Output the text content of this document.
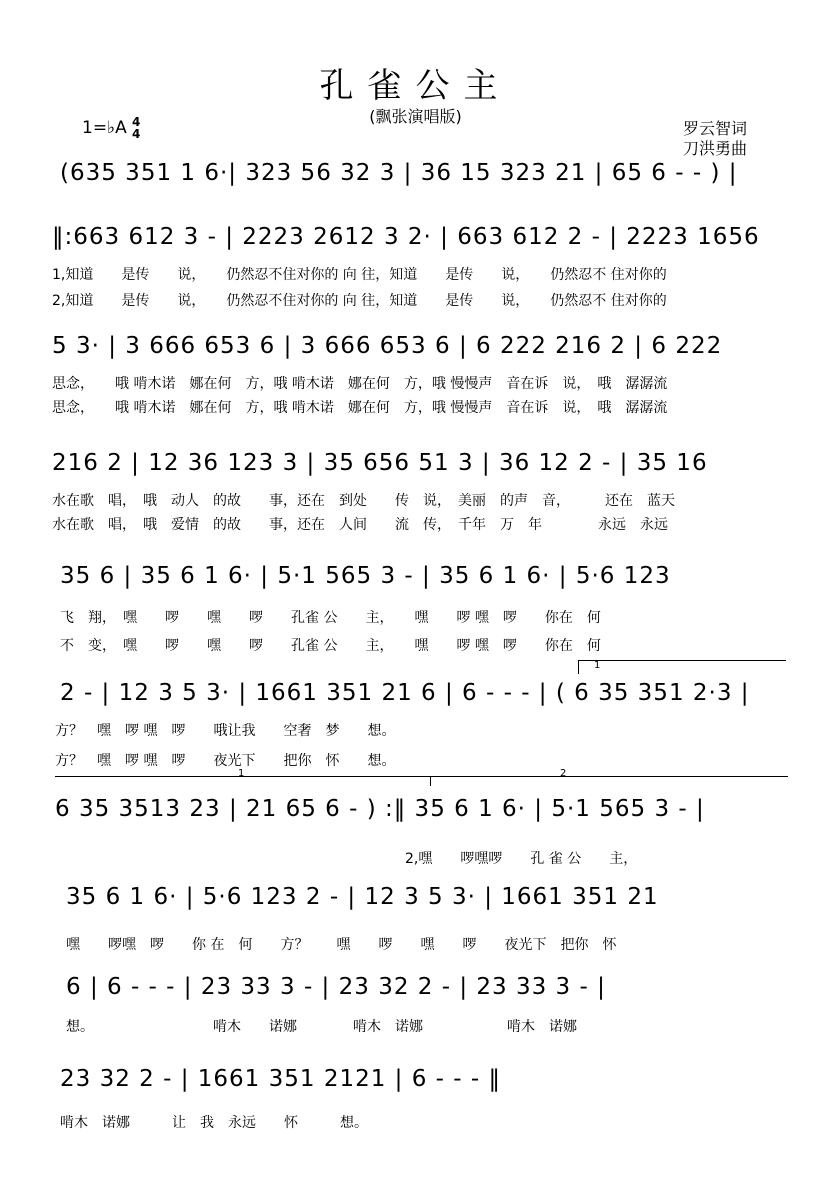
孔雀公主
(飘张演唱版)
1=♭A 4
4	罗云智词
刀洪勇曲
(635 351 1 6·| 323 56 32 3 | 36 15 323 21 | 65 6 - - ) |
‖:663 612 3 - | 2223 2612 3 2· | 663 612 2 - | 2223 1656
1,知道　　是传　　说，　　仍然忍不住对你的 向 往，知道　　是传　　说，　　仍然忍不 住对你的
2,知道　　是传　　说，　　仍然忍不住对你的 向 往，知道　　是传　　说，　　仍然忍不 住对你的
5 3· | 3 666 653 6 | 3 666 653 6 | 6 222 216 2 | 6 222
思念，　　哦 啃木诺　娜在何　方，哦 啃木诺　娜在何　方，哦 慢慢声　音在诉　说，　哦　潺潺流
思念，　　哦 啃木诺　娜在何　方，哦 啃木诺　娜在何　方，哦 慢慢声　音在诉　说，　哦　潺潺流
216 2 | 12 36 123 3 | 35 656 51 3 | 36 12 2 - | 35 16
水在歌　唱，　哦　动人　的故　　事，还在　到处　　传　说，　美丽　的声　音，　　　还在　蓝天
水在歌　唱，　哦　爱情　的故　　事，还在　人间　　流　传，　千年　万　年　　　　永远　永远
35 6 | 35 6 1 6· | 5·1 565 3 - | 35 6 1 6· | 5·6 123
飞　翔，　嘿　　啰　　嘿　　啰　　孔雀 公　　主，　　嘿　　啰 嘿　啰　　你在　何
不　变，　嘿　　啰　　嘿　　啰　　孔雀 公　　主，　　嘿　　啰 嘿　啰　　你在　何
1
2 - | 12 3 5 3· | 1661 351 21 6 | 6 - - - | ( 6 35 351 2·3 |
方？　嘿　啰 嘿　啰　　哦让我　　空奢　梦　　想。
方？　嘿　啰 嘿　啰　　夜光下　　把你　怀　　想。
1	2
6 35 3513 23 | 21 65 6 - ) :‖ 35 6 1 6· | 5·1 565 3 - |
　　　　　　　　　　　　　　　　　　　　　　　　　2,嘿　　啰嘿啰　　孔 雀 公　　主，
35 6 1 6· | 5·6 123 2 - | 12 3 5 3· | 1661 351 21
嘿　　啰嘿　啰　　你 在　何　　方？　　嘿　　啰　　嘿　　啰　　夜光下　把你　怀
6 | 6 - - - | 23 33 3 - | 23 32 2 - | 23 33 3 - |
想。　　　　　　　　　啃木　　诺娜　　　　啃木　诺娜　　　　　　啃木　诺娜
23 32 2 - | 1661 351 2121 | 6 - - - ‖
啃木　诺娜　　　让　我　永远　　怀　　　想。
